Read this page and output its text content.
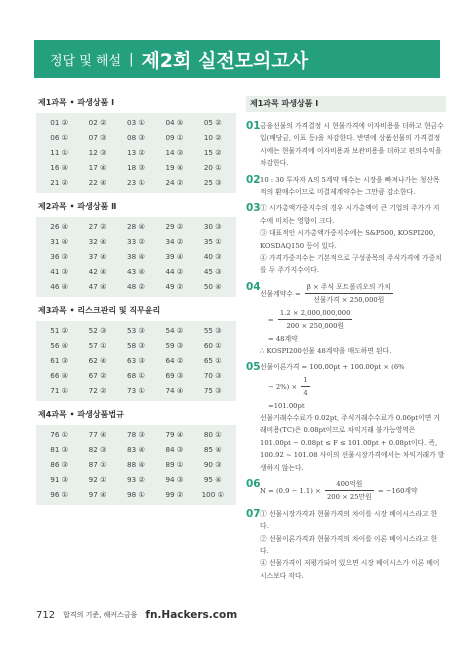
정답 및 해설 | 제2회 실전모의고사
제1과목 • 파생상품 Ⅰ
01 ②	02 ②	03 ①	04 ⑤	05 ②
06 ①	07 ③	08 ③	09 ①	10 ②
11 ①	12 ③	13 ②	14 ③	15 ②
16 ④	17 ④	18 ③	19 ④	20 ①
21 ②	22 ④	23 ①	24 ②	25 ③
제2과목 • 파생상품 Ⅱ
26 ④	27 ②	28 ④	29 ②	30 ③
31 ④	32 ④	33 ②	34 ②	35 ①
36 ③	37 ④	38 ④	39 ④	40 ③
41 ③	42 ④	43 ④	44 ②	45 ③
46 ④	47 ④	48 ②	49 ②	50 ④
제3과목 • 리스크관리 및 직무윤리
51 ②	52 ③	53 ③	54 ②	55 ③
56 ④	57 ①	58 ③	59 ③	60 ①
61 ③	62 ④	63 ③	64 ②	65 ①
66 ④	67 ②	68 ①	69 ③	70 ③
71 ①	72 ②	73 ①	74 ④	75 ③
제4과목 • 파생상품법규
76 ①	77 ④	78 ③	79 ④	80 ①
81 ③	82 ③	83 ④	84 ③	85 ④
86 ③	87 ①	88 ④	89 ①	90 ③
91 ③	92 ①	93 ②	94 ③	95 ④
96 ①	97 ④	98 ①	99 ②	100 ①
제1과목 파생상품 Ⅰ
01 금융선물의 가격결정 시 현물가격에 이자비용을 더하고 현금수입(배당금, 이표 등)을 차감한다. 반면에 상품선물의 가격결정 시에는 현물가격에 이자비용과 보관비용을 더하고 편의수익을 차감한다.
02 10 : 30 투자자 A의 5계약 매수는 시장을 빠져나가는 청산목적의 환매수이므로 미결제계약수는 그만큼 감소한다.
03 ① 시가총액가중지수의 경우 시가총액이 큰 기업의 주가가 지수에 미치는 영향이 크다.
③ 대표적인 시가총액가중지수에는 S&P500, KOSPI200, KOSDAQ150 등이 있다.
④ 가격가중지수는 기본적으로 구성종목의 주식가격에 가중치를 두 주가지수이다.
04
선물계약수 = $\frac{\text{β × 주식 포트폴리오의 가치}}{\text{선물가격 × 250,000원}}$
= $\frac{1.2 \times 2,000,000,000}{\text{200 × 250,000원}}$
= 48계약
∴ KOSPI200선물 48계약을 매도하면 된다.
05 선물이론가격 = 100.00pt + 100.00pt × (6%
− $2\%) \times \frac{1}{4}$
=101.00pt
선물거래수수료가 0.02pt, 주식거래수수료가 0.06pt이면 거래비용(TC)은 0.08pt이므로 차익거래 불가능영역은 101.00pt − 0.08pt ≤ F ≤ 101.00pt + 0.08pt이다. 즉, 100.92 ~ 101.08 사이의 선물시장가격에서는 차익거래가 발생하지 않는다.
06
$N = (0.9 - 1.1) \times \frac{\text{400억원}}{\text{200 × 25만원}} = -160$계약
07 ① 선물시장가격과 현물가격의 차이를 시장 베이시스라고 한다.
② 선물이론가격과 현물가격의 차이를 이론 베이시스라고 한다.
④ 선물가격이 저평가되어 있으면 시장 베이시스가 이론 베이시스보다 작다.
712 합격의 기준, 해커스금융 fn.Hackers.com
